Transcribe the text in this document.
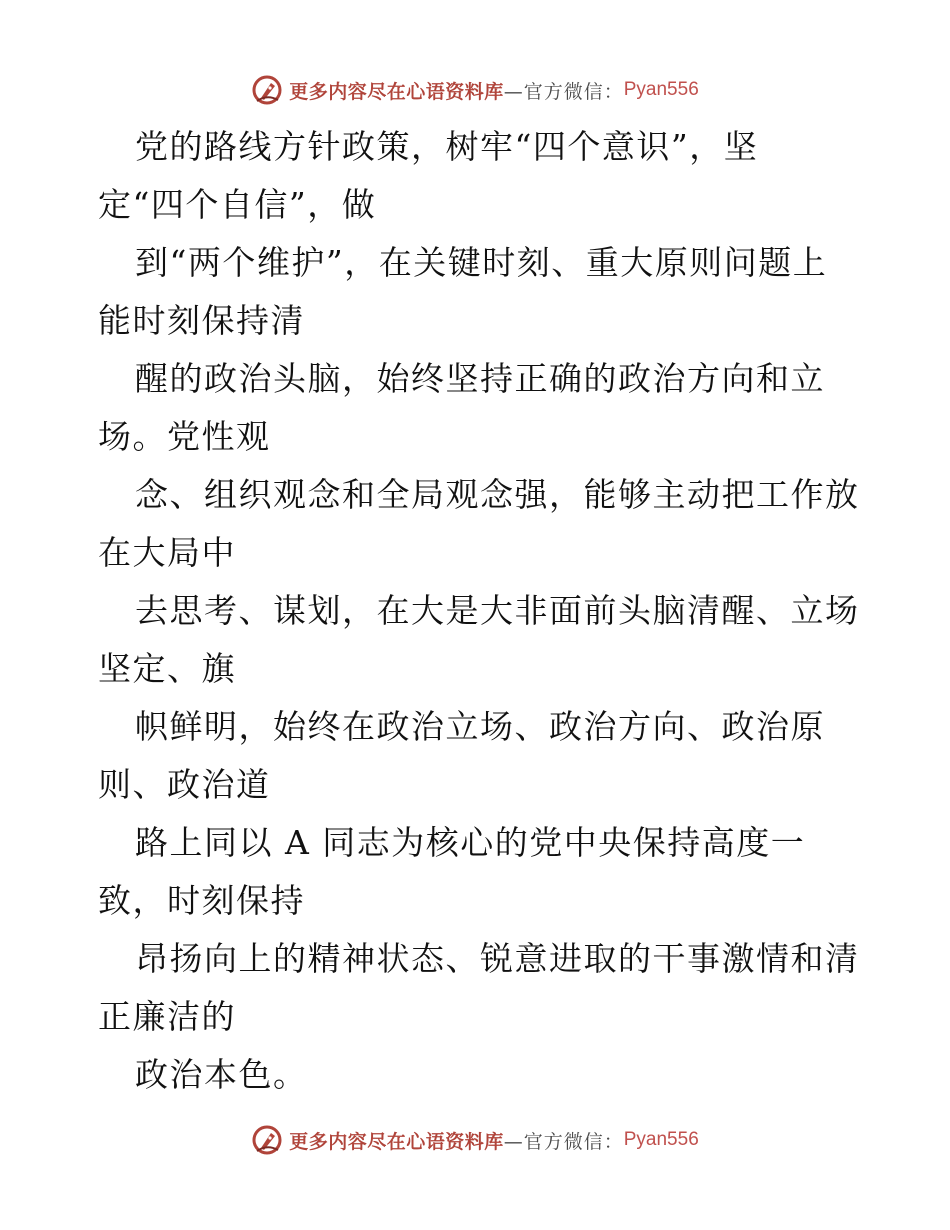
更多内容尽在心语资料库 —官方微信： Pyan556
党的路线方针政策，树牢“四个意识”，坚
定“四个自信”，做
到“两个维护”，在关键时刻、重大原则问题上
能时刻保持清
醒的政治头脑，始终坚持正确的政治方向和立
场。党性观
念、组织观念和全局观念强，能够主动把工作放
在大局中
去思考、谋划，在大是大非面前头脑清醒、立场
坚定、旗
帜鲜明，始终在政治立场、政治方向、政治原
则、政治道
路上同以 A 同志为核心的党中央保持高度一
致，时刻保持
昂扬向上的精神状态、锐意进取的干事激情和清
正廉洁的
政治本色。
更多内容尽在心语资料库 —官方微信： Pyan556
